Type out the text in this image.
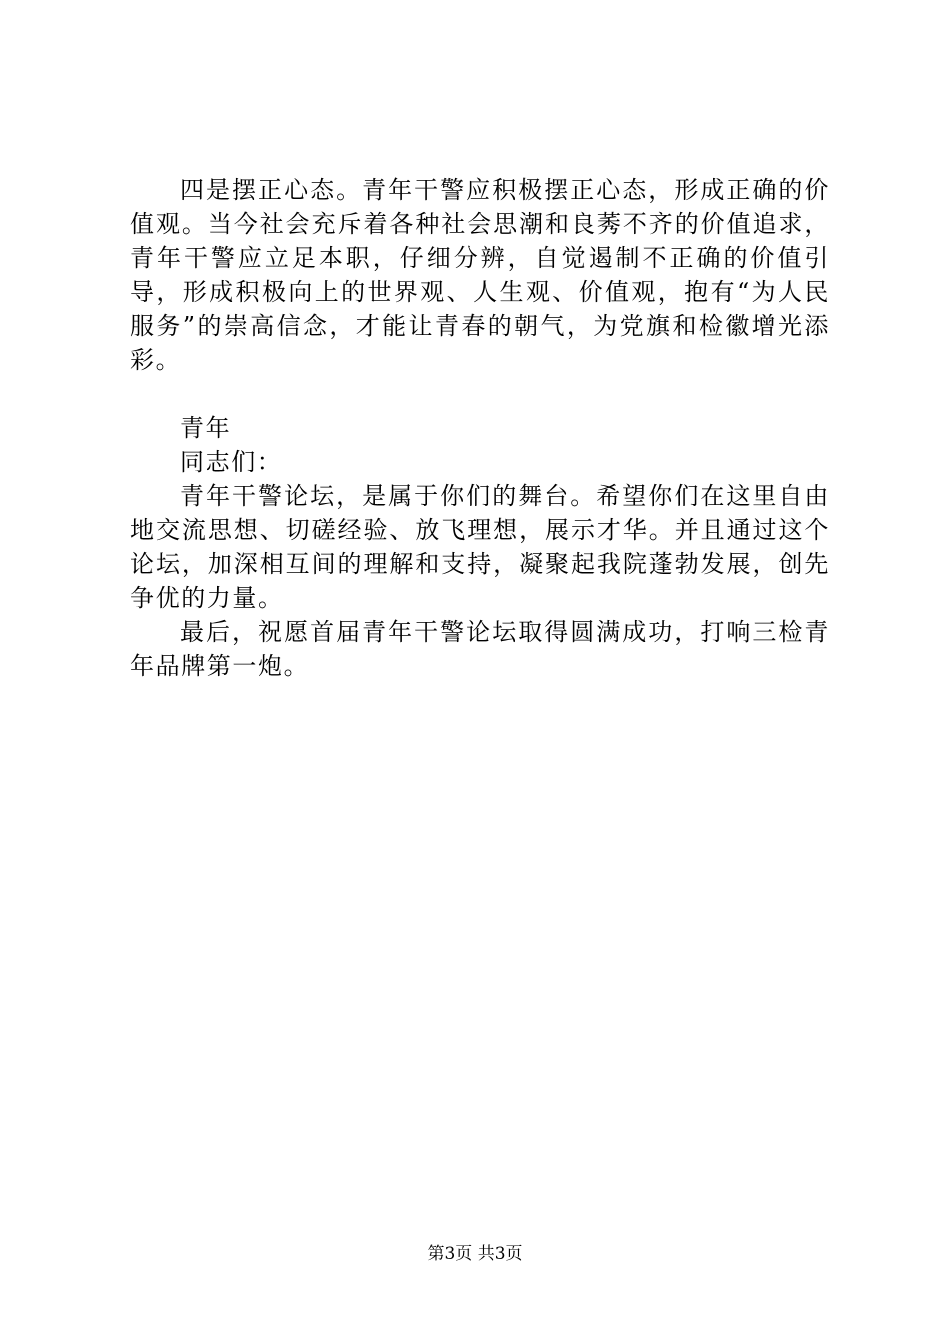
四是摆正心态。青年干警应积极摆正心态，形成正确的价值观。当今社会充斥着各种社会思潮和良莠不齐的价值追求，青年干警应立足本职，仔细分辨，自觉遏制不正确的价值引导，形成积极向上的世界观、人生观、价值观，抱有“为人民服务”的崇高信念，才能让青春的朝气，为党旗和检徽增光添彩。

青年

同志们：

青年干警论坛，是属于你们的舞台。希望你们在这里自由地交流思想、切磋经验、放飞理想，展示才华。并且通过这个论坛，加深相互间的理解和支持，凝聚起我院蓬勃发展，创先争优的力量。

最后，祝愿首届青年干警论坛取得圆满成功，打响三检青年品牌第一炮。

第3页 共3页
